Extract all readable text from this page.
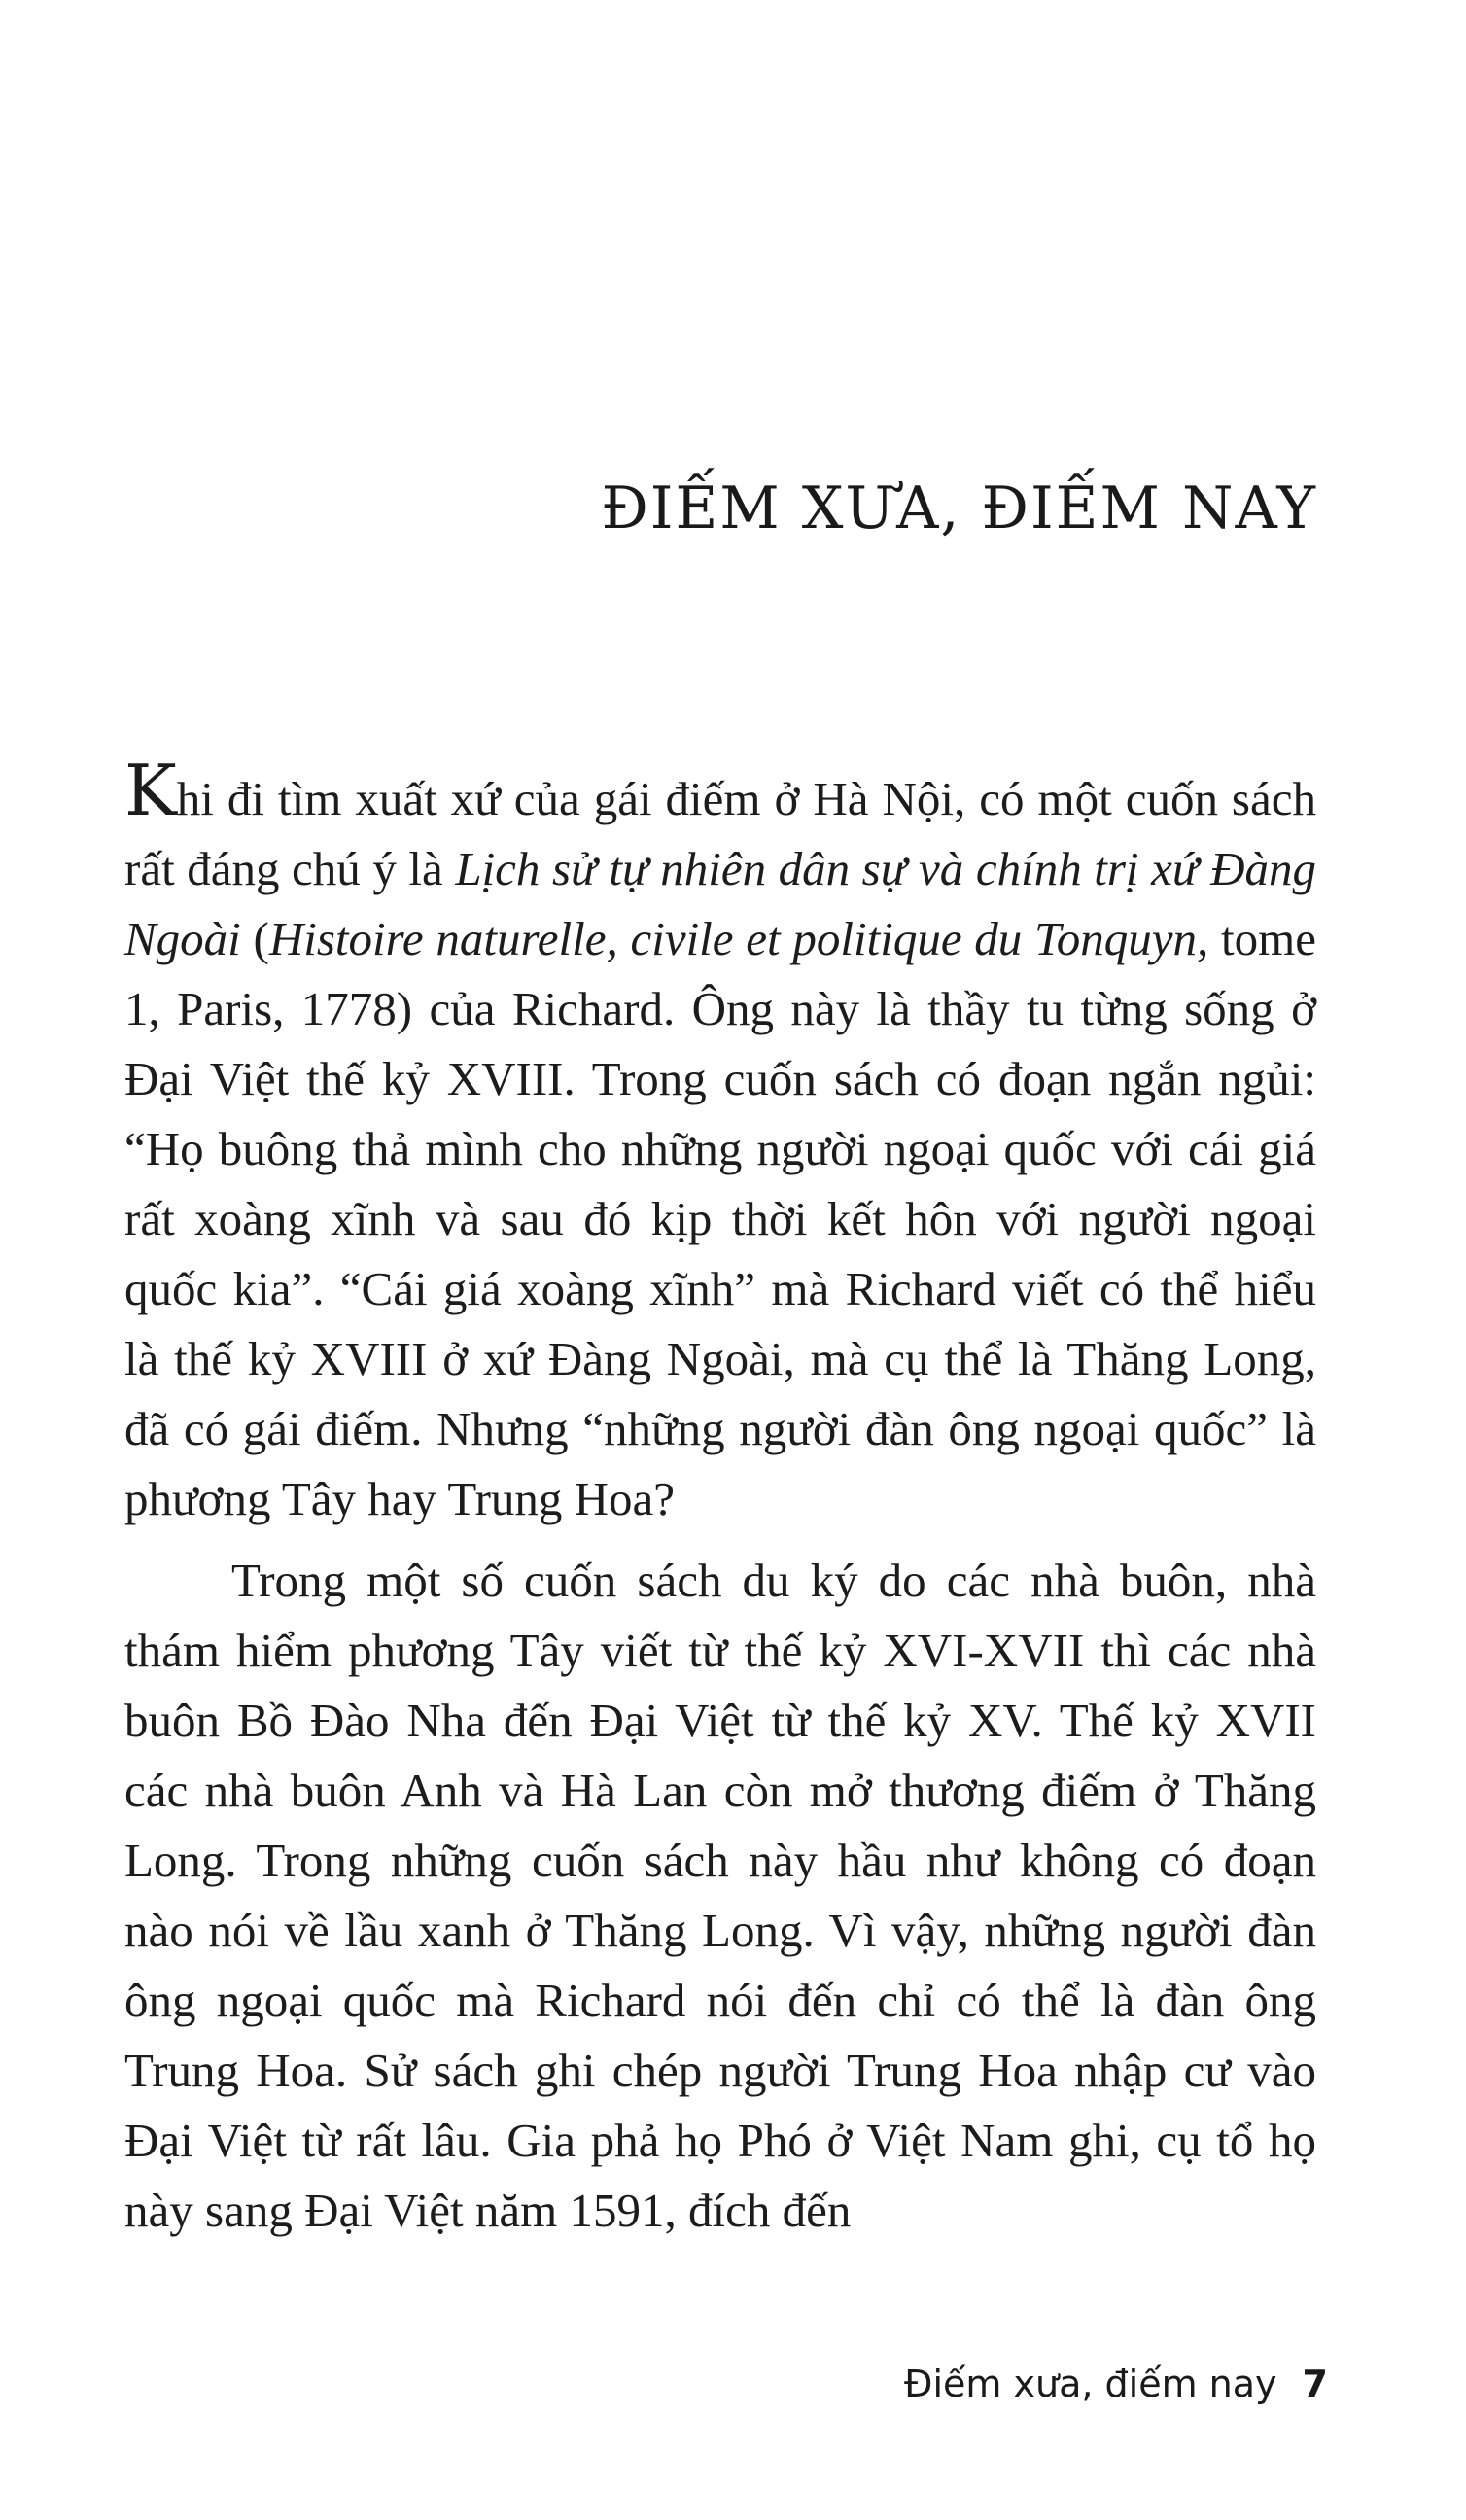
ĐIẾM XƯA, ĐIẾM NAY

Khi đi tìm xuất xứ của gái điếm ở Hà Nội, có một cuốn sách rất đáng chú ý là Lịch sử tự nhiên dân sự và chính trị xứ Đàng Ngoài (Histoire naturelle, civile et politique du Tonquyn, tome 1, Paris, 1778) của Richard. Ông này là thầy tu từng sống ở Đại Việt thế kỷ XVIII. Trong cuốn sách có đoạn ngắn ngủi: “Họ buông thả mình cho những người ngoại quốc với cái giá rất xoàng xĩnh và sau đó kịp thời kết hôn với người ngoại quốc kia”. “Cái giá xoàng xĩnh” mà Richard viết có thể hiểu là thế kỷ XVIII ở xứ Đàng Ngoài, mà cụ thể là Thăng Long, đã có gái điếm. Nhưng “những người đàn ông ngoại quốc” là phương Tây hay Trung Hoa?

Trong một số cuốn sách du ký do các nhà buôn, nhà thám hiểm phương Tây viết từ thế kỷ XVI-XVII thì các nhà buôn Bồ Đào Nha đến Đại Việt từ thế kỷ XV. Thế kỷ XVII các nhà buôn Anh và Hà Lan còn mở thương điếm ở Thăng Long. Trong những cuốn sách này hầu như không có đoạn nào nói về lầu xanh ở Thăng Long. Vì vậy, những người đàn ông ngoại quốc mà Richard nói đến chỉ có thể là đàn ông Trung Hoa. Sử sách ghi chép người Trung Hoa nhập cư vào Đại Việt từ rất lâu. Gia phả họ Phó ở Việt Nam ghi, cụ tổ họ này sang Đại Việt năm 1591, đích đến

Điếm xưa, điếm nay 7
